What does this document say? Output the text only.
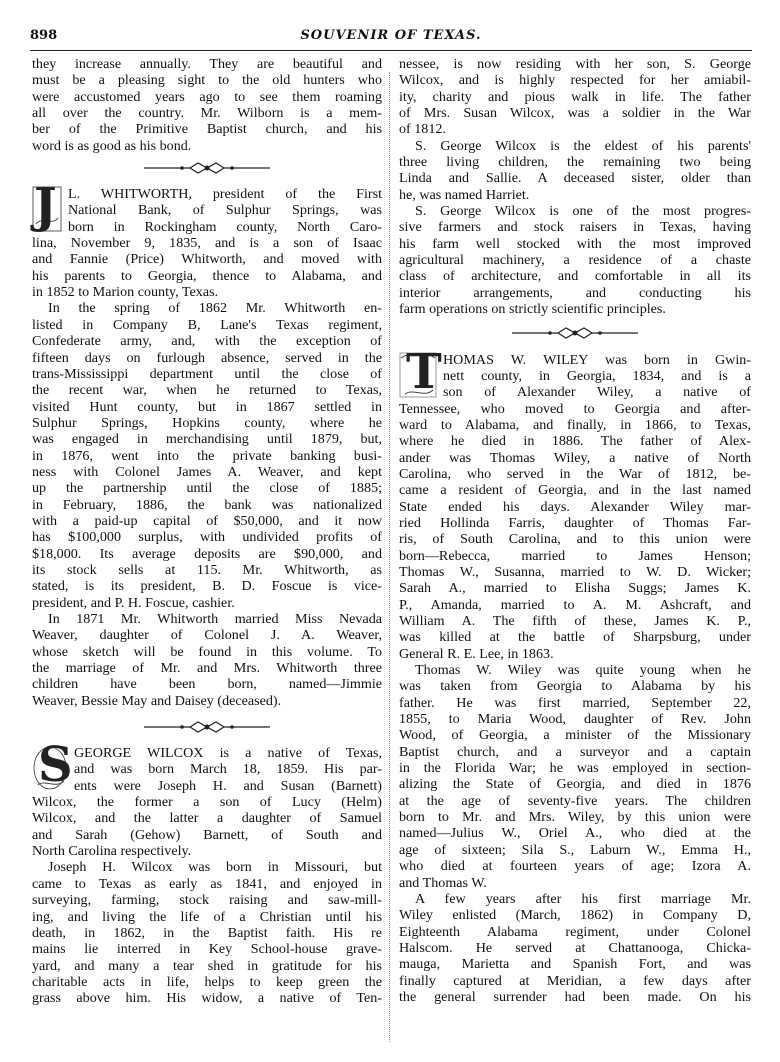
898	SOUVENIR OF TEXAS.
they increase annually. They are beautiful and
must be a pleasing sight to the old hunters who
were accustomed years ago to see them roaming
all over the country. Mr. Wilborn is a mem-
ber of the Primitive Baptist church, and his
word is as good as his bond.
J L. WHITWORTH, president of the First
National Bank, of Sulphur Springs, was
born in Rockingham county, North Caro-
lina, November 9, 1835, and is a son of Isaac
and Fannie (Price) Whitworth, and moved with
his parents to Georgia, thence to Alabama, and
in 1852 to Marion county, Texas.
In the spring of 1862 Mr. Whitworth en-
listed in Company B, Lane's Texas regiment,
Confederate army, and, with the exception of
fifteen days on furlough absence, served in the
trans-Mississippi department until the close of
the recent war, when he returned to Texas,
visited Hunt county, but in 1867 settled in
Sulphur Springs, Hopkins county, where he
was engaged in merchandising until 1879, but,
in 1876, went into the private banking busi-
ness with Colonel James A. Weaver, and kept
up the partnership until the close of 1885;
in February, 1886, the bank was nationalized
with a paid-up capital of $50,000, and it now
has $100,000 surplus, with undivided profits of
$18,000. Its average deposits are $90,000, and
its stock sells at 115. Mr. Whitworth, as
stated, is its president, B. D. Foscue is vice-
president, and P. H. Foscue, cashier.
In 1871 Mr. Whitworth married Miss Nevada
Weaver, daughter of Colonel J. A. Weaver,
whose sketch will be found in this volume. To
the marriage of Mr. and Mrs. Whitworth three
children have been born, named—Jimmie
Weaver, Bessie May and Daisey (deceased).
S GEORGE WILCOX is a native of Texas,
and was born March 18, 1859. His par-
ents were Joseph H. and Susan (Barnett)
Wilcox, the former a son of Lucy (Helm)
Wilcox, and the latter a daughter of Samuel
and Sarah (Gehow) Barnett, of South and
North Carolina respectively.
Joseph H. Wilcox was born in Missouri, but
came to Texas as early as 1841, and enjoyed in
surveying, farming, stock raising and saw-mill-
ing, and living the life of a Christian until his
death, in 1862, in the Baptist faith. His re
mains lie interred in Key School-house grave-
yard, and many a tear shed in gratitude for his
charitable acts in life, helps to keep green the
grass above him. His widow, a native of Ten-
nessee, is now residing with her son, S. George
Wilcox, and is highly respected for her amiabil-
ity, charity and pious walk in life. The father
of Mrs. Susan Wilcox, was a soldier in the War
of 1812.
S. George Wilcox is the eldest of his parents'
three living children, the remaining two being
Linda and Sallie. A deceased sister, older than
he, was named Harriet.
S. George Wilcox is one of the most progres-
sive farmers and stock raisers in Texas, having
his farm well stocked with the most improved
agricultural machinery, a residence of a chaste
class of architecture, and comfortable in all its
interior arrangements, and conducting his
farm operations on strictly scientific principles.
T HOMAS W. WILEY was born in Gwin-
nett county, in Georgia, 1834, and is a
son of Alexander Wiley, a native of
Tennessee, who moved to Georgia and after-
ward to Alabama, and finally, in 1866, to Texas,
where he died in 1886. The father of Alex-
ander was Thomas Wiley, a native of North
Carolina, who served in the War of 1812, be-
came a resident of Georgia, and in the last named
State ended his days. Alexander Wiley mar-
ried Hollinda Farris, daughter of Thomas Far-
ris, of South Carolina, and to this union were
born—Rebecca, married to James Henson;
Thomas W., Susanna, married to W. D. Wicker;
Sarah A., married to Elisha Suggs; James K.
P., Amanda, married to A. M. Ashcraft, and
William A. The fifth of these, James K. P.,
was killed at the battle of Sharpsburg, under
General R. E. Lee, in 1863.
Thomas W. Wiley was quite young when he
was taken from Georgia to Alabama by his
father. He was first married, September 22,
1855, to Maria Wood, daughter of Rev. John
Wood, of Georgia, a minister of the Missionary
Baptist church, and a surveyor and a captain
in the Florida War; he was employed in section-
alizing the State of Georgia, and died in 1876
at the age of seventy-five years. The children
born to Mr. and Mrs. Wiley, by this union were
named—Julius W., Oriel A., who died at the
age of sixteen; Sila S., Laburn W., Emma H.,
who died at fourteen years of age; Izora A.
and Thomas W.
A few years after his first marriage Mr.
Wiley enlisted (March, 1862) in Company D,
Eighteenth Alabama regiment, under Colonel
Halscom. He served at Chattanooga, Chicka-
mauga, Marietta and Spanish Fort, and was
finally captured at Meridian, a few days after
the general surrender had been made. On his
